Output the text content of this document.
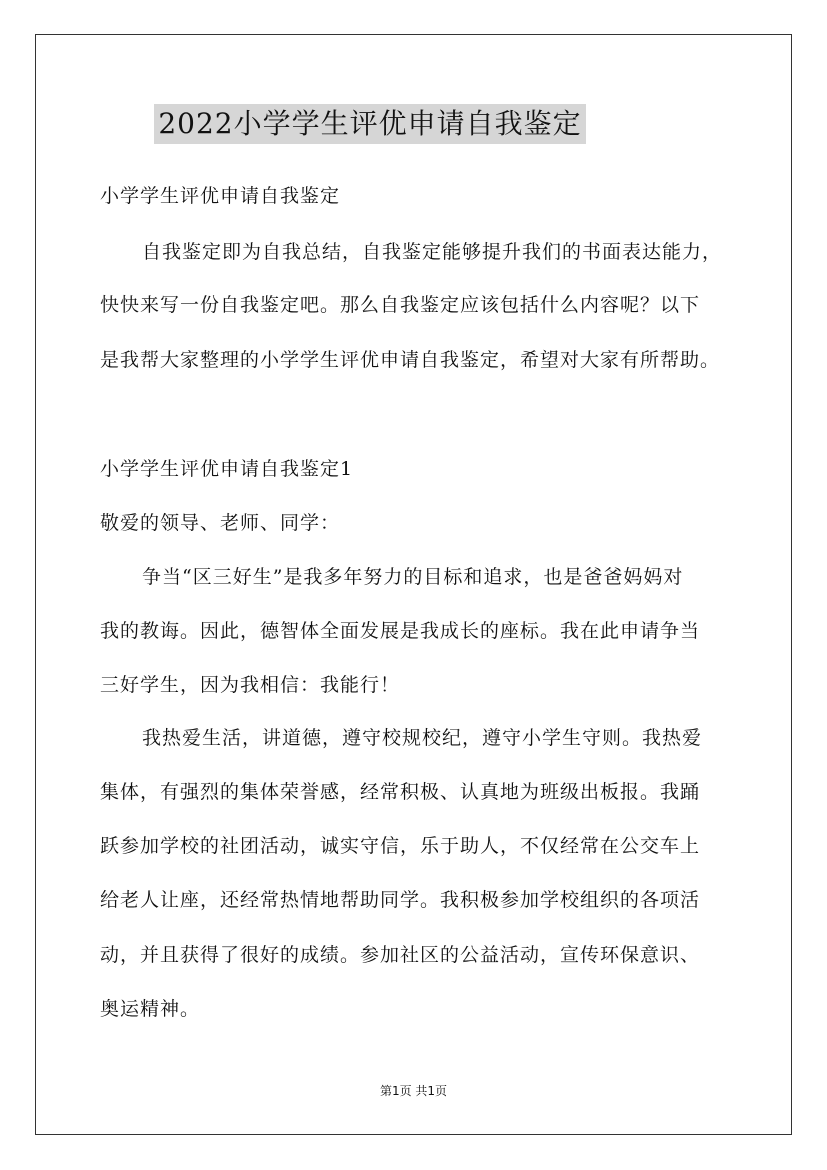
2022小学学生评优申请自我鉴定
小学学生评优申请自我鉴定
自我鉴定即为自我总结，自我鉴定能够提升我们的书面表达能力，
快快来写一份自我鉴定吧。那么自我鉴定应该包括什么内容呢？以下
是我帮大家整理的小学学生评优申请自我鉴定，希望对大家有所帮助。
小学学生评优申请自我鉴定1
敬爱的领导、老师、同学：
争当“区三好生”是我多年努力的目标和追求，也是爸爸妈妈对
我的教诲。因此，德智体全面发展是我成长的座标。我在此申请争当
三好学生，因为我相信：我能行！
我热爱生活，讲道德，遵守校规校纪，遵守小学生守则。我热爱
集体，有强烈的集体荣誉感，经常积极、认真地为班级出板报。我踊
跃参加学校的社团活动，诚实守信，乐于助人，不仅经常在公交车上
给老人让座，还经常热情地帮助同学。我积极参加学校组织的各项活
动，并且获得了很好的成绩。参加社区的公益活动，宣传环保意识、
奥运精神。
第1页 共1页
